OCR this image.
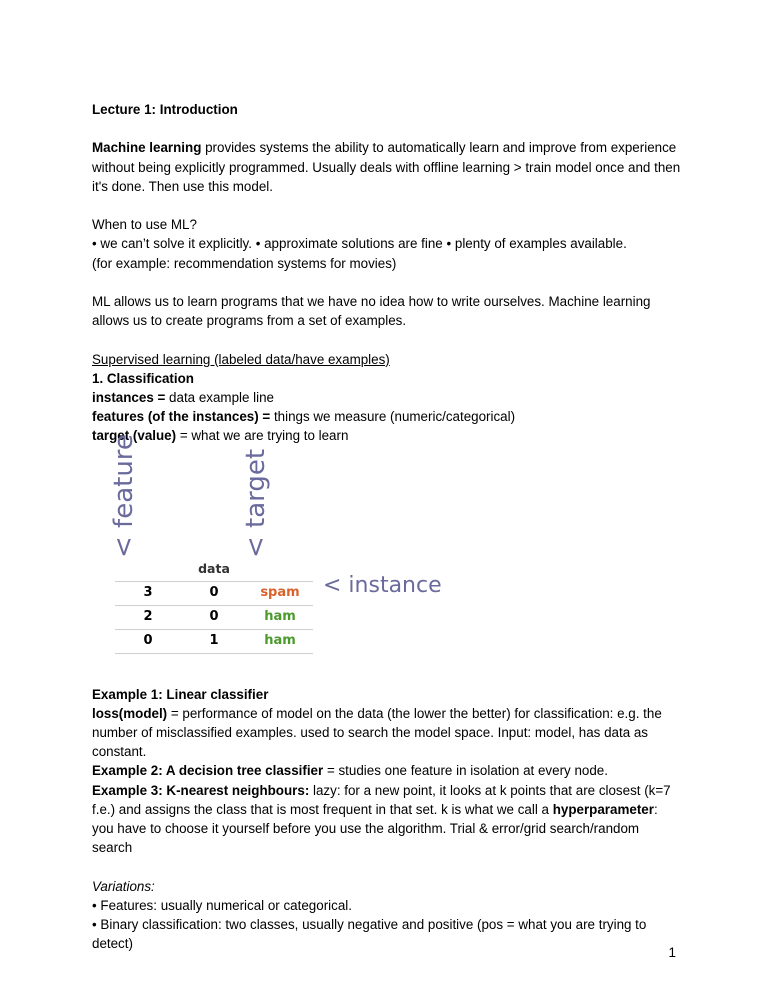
Lecture 1: Introduction

Machine learning provides systems the ability to automatically learn and improve from experience without being explicitly programmed. Usually deals with offline learning > train model once and then it's done. Then use this model.

When to use ML?

• we can’t solve it explicitly. • approximate solutions are fine • plenty of examples available.

(for example: recommendation systems for movies)

ML allows us to learn programs that we have no idea how to write ourselves. Machine learning allows us to create programs from a set of examples.

Supervised learning (labeled data/have examples)

1. Classification

instances = data example line

features (of the instances) = things we measure (numeric/categorical)

target (value) = what we are trying to learn

< feature	< target
	data	
3	0	spam
2	0	ham
0	1	ham
< instance

Example 1: Linear classifier

loss(model) = performance of model on the data (the lower the better) for classification: e.g. the number of misclassified examples. used to search the model space. Input: model, has data as constant.

Example 2: A decision tree classifier = studies one feature in isolation at every node.

Example 3: K-nearest neighbours: lazy: for a new point, it looks at k points that are closest (k=7 f.e.) and assigns the class that is most frequent in that set. k is what we call a hyperparameter: you have to choose it yourself before you use the algorithm. Trial & error/grid search/random search

Variations:

• Features: usually numerical or categorical.

• Binary classification: two classes, usually negative and positive (pos = what you are trying to detect)

1
